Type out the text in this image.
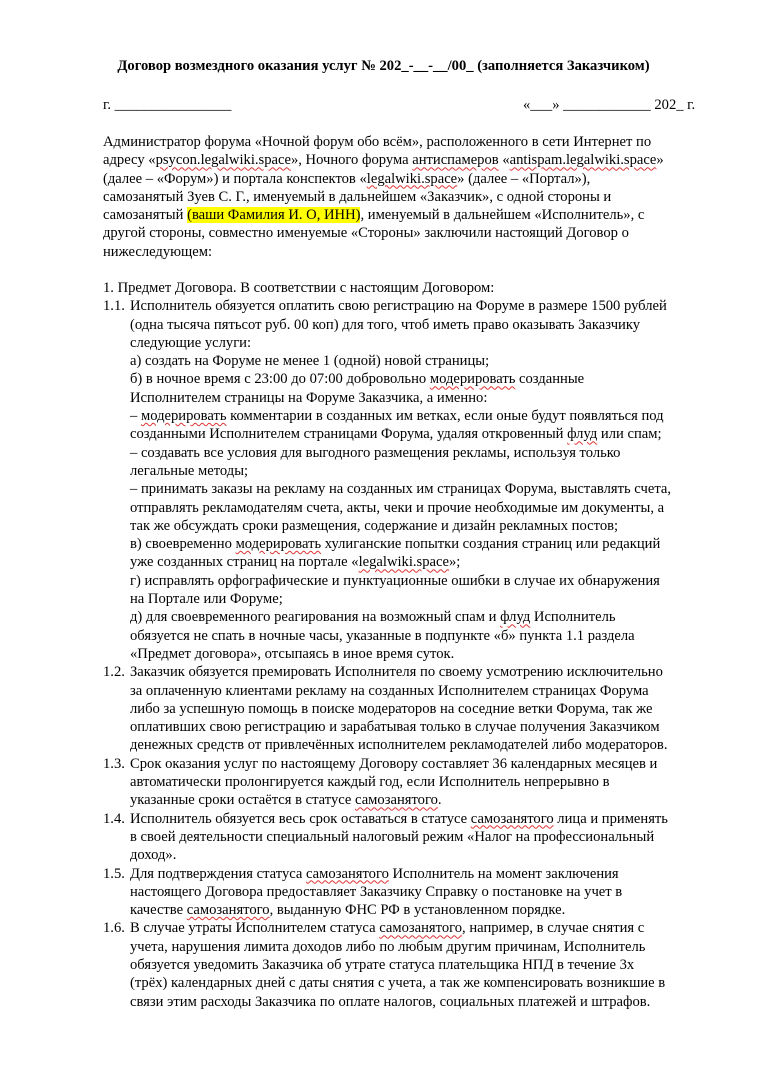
Договор возмездного оказания услуг № 202_-__-__/00_ (заполняется Заказчиком)
г. ________________	«___» ____________ 202_ г.

Администратор форума «Ночной форум обо всём», расположенного в сети Интернет по

адресу «psycon.legalwiki.space», Ночного форума антиспамеров «antispam.legalwiki.space»

(далее – «Форум») и портала конспектов «legalwiki.space» (далее – «Портал»),

самозанятый Зуев С. Г., именуемый в дальнейшем «Заказчик», с одной стороны и

самозанятый (ваши Фамилия И. О, ИНН), именуемый в дальнейшем «Исполнитель», с

другой стороны, совместно именуемые «Стороны» заключили настоящий Договор о

нижеследующем:

1. Предмет Договора. В соответствии с настоящим Договором:

1.1. Исполнитель обязуется оплатить свою регистрацию на Форуме в размере 1500 рублей

(одна тысяча пятьсот руб. 00 коп) для того, чтоб иметь право оказывать Заказчику

следующие услуги:

а) создать на Форуме не менее 1 (одной) новой страницы;

б) в ночное время с 23:00 до 07:00 добровольно модерировать созданные

Исполнителем страницы на Форуме Заказчика, а именно:

– модерировать комментарии в созданных им ветках, если оные будут появляться под

созданными Исполнителем страницами Форума, удаляя откровенный флуд или спам;

– создавать все условия для выгодного размещения рекламы, используя только

легальные методы;

– принимать заказы на рекламу на созданных им страницах Форума, выставлять счета,

отправлять рекламодателям счета, акты, чеки и прочие необходимые им документы, а

так же обсуждать сроки размещения, содержание и дизайн рекламных постов;

в) своевременно модерировать хулиганские попытки создания страниц или редакций

уже созданных страниц на портале «legalwiki.space»;

г) исправлять орфографические и пунктуационные ошибки в случае их обнаружения

на Портале или Форуме;

д) для своевременного реагирования на возможный спам и флуд Исполнитель

обязуется не спать в ночные часы, указанные в подпункте «б» пункта 1.1 раздела

«Предмет договора», отсыпаясь в иное время суток.

1.2. Заказчик обязуется премировать Исполнителя по своему усмотрению исключительно

за оплаченную клиентами рекламу на созданных Исполнителем страницах Форума

либо за успешную помощь в поиске модераторов на соседние ветки Форума, так же

оплативших свою регистрацию и зарабатывая только в случае получения Заказчиком

денежных средств от привлечённых исполнителем рекламодателей либо модераторов.

1.3. Срок оказания услуг по настоящему Договору составляет 36 календарных месяцев и

автоматически пролонгируется каждый год, если Исполнитель непрерывно в

указанные сроки остаётся в статусе самозанятого.

1.4. Исполнитель обязуется весь срок оставаться в статусе самозанятого лица и применять

в своей деятельности специальный налоговый режим «Налог на профессиональный

доход».

1.5. Для подтверждения статуса самозанятого Исполнитель на момент заключения

настоящего Договора предоставляет Заказчику Справку о постановке на учет в

качестве самозанятого, выданную ФНС РФ в установленном порядке.

1.6. В случае утраты Исполнителем статуса самозанятого, например, в случае снятия с

учета, нарушения лимита доходов либо по любым другим причинам, Исполнитель

обязуется уведомить Заказчика об утрате статуса плательщика НПД в течение 3х

(трёх) календарных дней с даты снятия с учета, а так же компенсировать возникшие в

связи этим расходы Заказчика по оплате налогов, социальных платежей и штрафов.
